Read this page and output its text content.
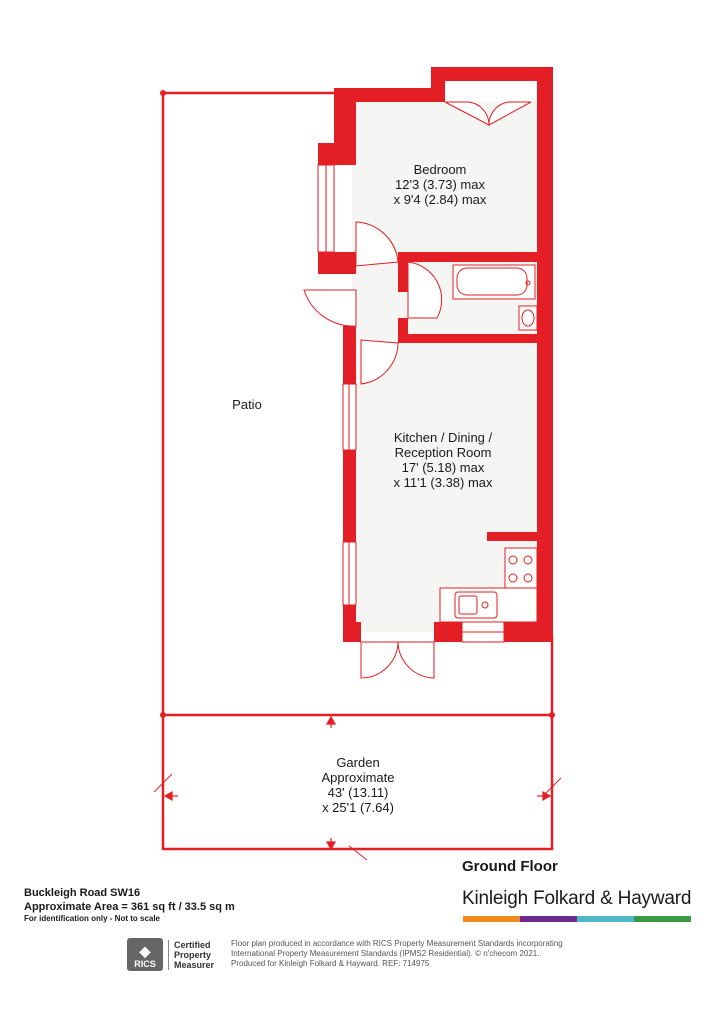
Bedroom
12'3 (3.73) max
x 9'4 (2.84) max
Kitchen / Dining /
Reception Room
17' (5.18) max
x 11'1 (3.38) max
Patio
Garden
Approximate
43' (13.11)
x 25'1 (7.64)
Ground Floor
Buckleigh Road SW16
Approximate Area = 361 sq ft / 33.5 sq m
For identification only - Not to scale
Kinleigh Folkard & Hayward
◆
RICS
Certified
Property
Measurer
Floor plan produced in accordance with RICS Property Measurement Standards incorporating
International Property Measurement Standards (IPMS2 Residential). © n'checom 2021.
Produced for Kinleigh Folkard & Hayward. REF: 714975
